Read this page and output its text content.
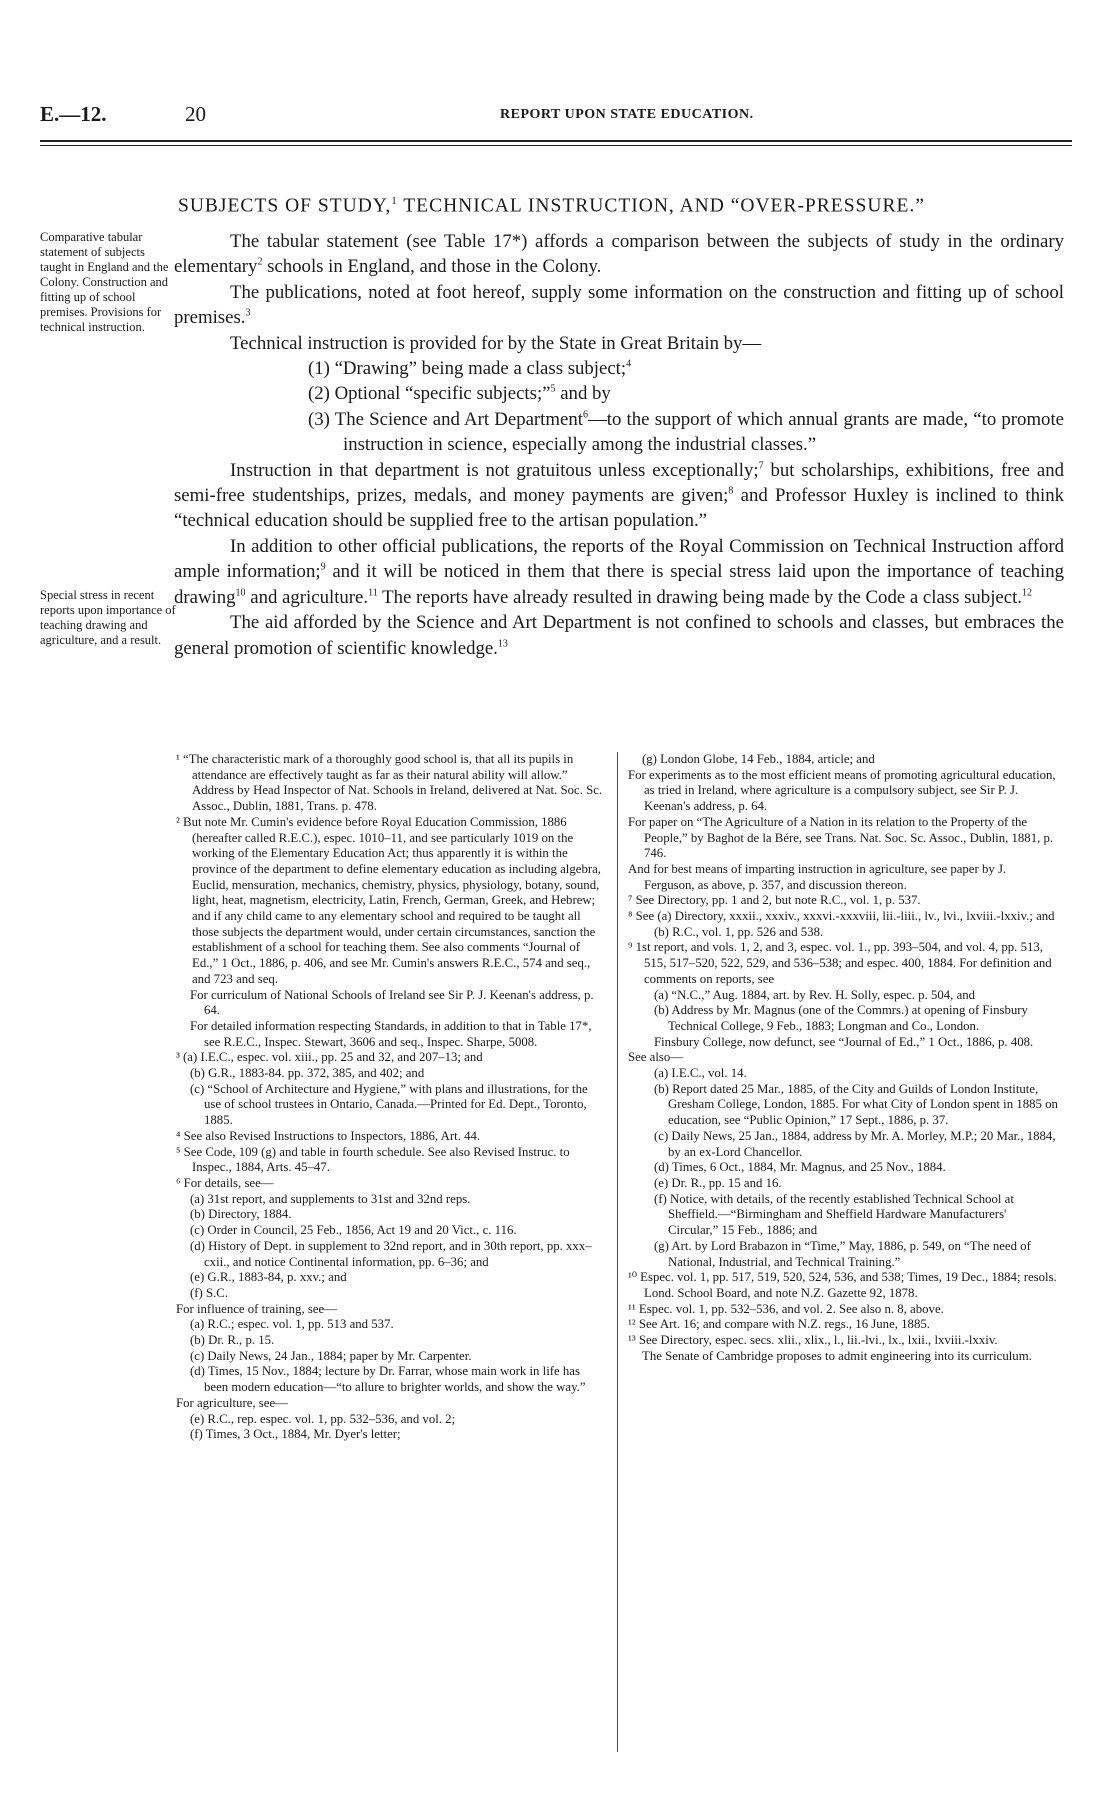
E.—12.	20	REPORT UPON STATE EDUCATION.
SUBJECTS OF STUDY,$^1$ TECHNICAL INSTRUCTION, AND “OVER-PRESSURE.”
Comparative tabular statement of subjects taught in England and the Colony. Construction and fitting up of school premises. Provisions for technical instruction.
Special stress in recent reports upon importance of teaching drawing and agriculture, and a result.

The tabular statement (see Table 17*) affords a comparison between the subjects of study in the ordinary elementary$^2$ schools in England, and those in the Colony.

The publications, noted at foot hereof, supply some information on the construction and fitting up of school premises.$^3$

Technical instruction is provided for by the State in Great Britain by—

(1) “Drawing” being made a class subject;$^4$

(2) Optional “specific subjects;”$^5$ and by

(3) The Science and Art Department$^6$—to the support of which annual grants are made, “to promote instruction in science, especially among the industrial classes.”

Instruction in that department is not gratuitous unless exceptionally;$^7$ but scholarships, exhibitions, free and semi-free studentships, prizes, medals, and money payments are given;$^8$ and Professor Huxley is inclined to think “technical education should be supplied free to the artisan population.”

In addition to other official publications, the reports of the Royal Commission on Technical Instruction afford ample information;$^9$ and it will be noticed in them that there is special stress laid upon the importance of teaching drawing$^{10}$ and agriculture.$^{11}$ The reports have already resulted in drawing being made by the Code a class subject.$^{12}$

The aid afforded by the Science and Art Department is not confined to schools and classes, but embraces the general promotion of scientific knowledge.$^{13}$

¹ “The characteristic mark of a thoroughly good school is, that all its pupils in attendance are effectively taught as far as their natural ability will allow.” Address by Head Inspector of Nat. Schools in Ireland, delivered at Nat. Soc. Sc. Assoc., Dublin, 1881, Trans. p. 478.

² But note Mr. Cumin's evidence before Royal Education Commission, 1886 (hereafter called R.E.C.), espec. 1010–11, and see particularly 1019 on the working of the Elementary Education Act; thus apparently it is within the province of the department to define elementary education as including algebra, Euclid, mensuration, mechanics, chemistry, physics, physiology, botany, sound, light, heat, magnetism, electricity, Latin, French, German, Greek, and Hebrew; and if any child came to any elementary school and required to be taught all those subjects the department would, under certain circumstances, sanction the establishment of a school for teaching them. See also comments “Journal of Ed.,” 1 Oct., 1886, p. 406, and see Mr. Cumin's answers R.E.C., 574 and seq., and 723 and seq.

For curriculum of National Schools of Ireland see Sir P. J. Keenan's address, p. 64.

For detailed information respecting Standards, in addition to that in Table 17*, see R.E.C., Inspec. Stewart, 3606 and seq., Inspec. Sharpe, 5008.

³ (a) I.E.C., espec. vol. xiii., pp. 25 and 32, and 207–13; and

(b) G.R., 1883-84. pp. 372, 385, and 402; and

(c) “School of Architecture and Hygiene,” with plans and illustrations, for the use of school trustees in Ontario, Canada.—Printed for Ed. Dept., Toronto, 1885.

⁴ See also Revised Instructions to Inspectors, 1886, Art. 44.

⁵ See Code, 109 (g) and table in fourth schedule. See also Revised Instruc. to Inspec., 1884, Arts. 45–47.

⁶ For details, see—

(a) 31st report, and supplements to 31st and 32nd reps.

(b) Directory, 1884.

(c) Order in Council, 25 Feb., 1856, Act 19 and 20 Vict., c. 116.

(d) History of Dept. in supplement to 32nd report, and in 30th report, pp. xxx–cxii., and notice Continental information, pp. 6–36; and

(e) G.R., 1883-84, p. xxv.; and

(f) S.C.

For influence of training, see—

(a) R.C.; espec. vol. 1, pp. 513 and 537.

(b) Dr. R., p. 15.

(c) Daily News, 24 Jan., 1884; paper by Mr. Carpenter.

(d) Times, 15 Nov., 1884; lecture by Dr. Farrar, whose main work in life has been modern education—“to allure to brighter worlds, and show the way.”

For agriculture, see—

(e) R.C., rep. espec. vol. 1, pp. 532–536, and vol. 2;

(f) Times, 3 Oct., 1884, Mr. Dyer's letter;

(g) London Globe, 14 Feb., 1884, article; and

For experiments as to the most efficient means of promoting agricultural education, as tried in Ireland, where agriculture is a compulsory subject, see Sir P. J. Keenan's address, p. 64.

For paper on “The Agriculture of a Nation in its relation to the Property of the People,” by Baghot de la Bére, see Trans. Nat. Soc. Sc. Assoc., Dublin, 1881, p. 746.

And for best means of imparting instruction in agriculture, see paper by J. Ferguson, as above, p. 357, and discussion thereon.

⁷ See Directory, pp. 1 and 2, but note R.C., vol. 1, p. 537.

⁸ See (a) Directory, xxxii., xxxiv., xxxvi.-xxxviii, lii.-liii., lv., lvi., lxviii.-lxxiv.; and

(b) R.C., vol. 1, pp. 526 and 538.

⁹ 1st report, and vols. 1, 2, and 3, espec. vol. 1., pp. 393–504, and vol. 4, pp. 513, 515, 517–520, 522, 529, and 536–538; and espec. 400, 1884. For definition and comments on reports, see

(a) “N.C.,” Aug. 1884, art. by Rev. H. Solly, espec. p. 504, and

(b) Address by Mr. Magnus (one of the Commrs.) at opening of Finsbury Technical College, 9 Feb., 1883; Longman and Co., London.

Finsbury College, now defunct, see “Journal of Ed.,” 1 Oct., 1886, p. 408.

See also—

(a) I.E.C., vol. 14.

(b) Report dated 25 Mar., 1885, of the City and Guilds of London Institute, Gresham College, London, 1885. For what City of London spent in 1885 on education, see “Public Opinion,” 17 Sept., 1886, p. 37.

(c) Daily News, 25 Jan., 1884, address by Mr. A. Morley, M.P.; 20 Mar., 1884, by an ex-Lord Chancellor.

(d) Times, 6 Oct., 1884, Mr. Magnus, and 25 Nov., 1884.

(e) Dr. R., pp. 15 and 16.

(f) Notice, with details, of the recently established Technical School at Sheffield.—“Birmingham and Sheffield Hardware Manufacturers' Circular,” 15 Feb., 1886; and

(g) Art. by Lord Brabazon in “Time,” May, 1886, p. 549, on “The need of National, Industrial, and Technical Training.”

¹⁰ Espec. vol. 1, pp. 517, 519, 520, 524, 536, and 538; Times, 19 Dec., 1884; resols. Lond. School Board, and note N.Z. Gazette 92, 1878.

¹¹ Espec. vol. 1, pp. 532–536, and vol. 2. See also n. 8, above.

¹² See Art. 16; and compare with N.Z. regs., 16 June, 1885.

¹³ See Directory, espec. secs. xlii., xlix., l., lii.-lvi., lx., lxii., lxviii.-lxxiv.

The Senate of Cambridge proposes to admit engineering into its curriculum.
